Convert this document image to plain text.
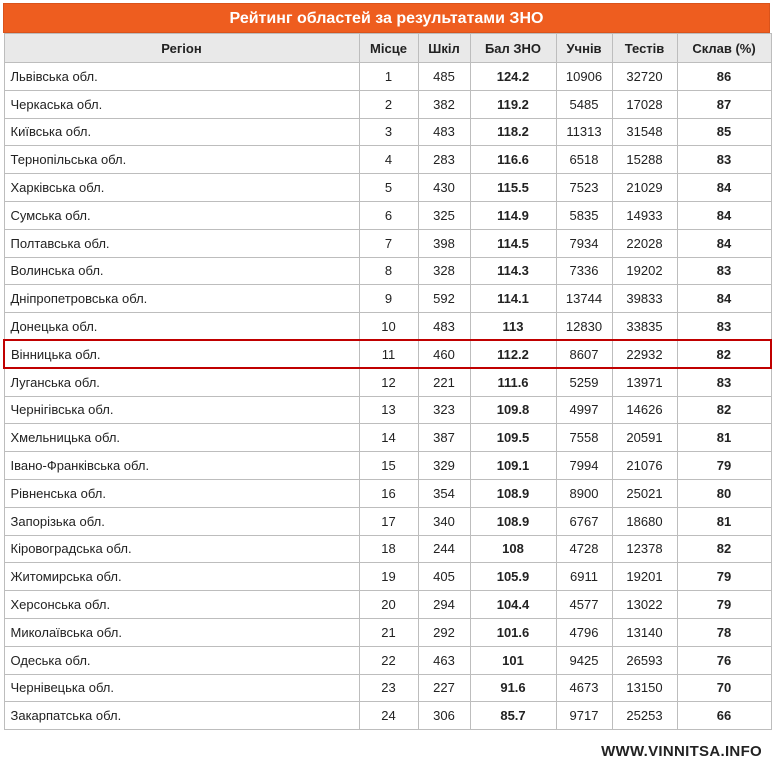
Рейтинг областей за результатами ЗНО
Регіон	Місце	Шкіл	Бал ЗНО	Учнів	Тестів	Склав (%)
Львівська обл.	1	485	124.2	10906	32720	86
Черкаська обл.	2	382	119.2	5485	17028	87
Київська обл.	3	483	118.2	11313	31548	85
Тернопільська обл.	4	283	116.6	6518	15288	83
Харківська обл.	5	430	115.5	7523	21029	84
Сумська обл.	6	325	114.9	5835	14933	84
Полтавська обл.	7	398	114.5	7934	22028	84
Волинська обл.	8	328	114.3	7336	19202	83
Дніпропетровська обл.	9	592	114.1	13744	39833	84
Донецька обл.	10	483	113	12830	33835	83
Вінницька обл.	11	460	112.2	8607	22932	82
Луганська обл.	12	221	111.6	5259	13971	83
Чернігівська обл.	13	323	109.8	4997	14626	82
Хмельницька обл.	14	387	109.5	7558	20591	81
Івано-Франківська обл.	15	329	109.1	7994	21076	79
Рівненська обл.	16	354	108.9	8900	25021	80
Запорізька обл.	17	340	108.9	6767	18680	81
Кіровоградська обл.	18	244	108	4728	12378	82
Житомирська обл.	19	405	105.9	6911	19201	79
Херсонська обл.	20	294	104.4	4577	13022	79
Миколаївська обл.	21	292	101.6	4796	13140	78
Одеська обл.	22	463	101	9425	26593	76
Чернівецька обл.	23	227	91.6	4673	13150	70
Закарпатська обл.	24	306	85.7	9717	25253	66
WWW.VINNITSA.INFO
